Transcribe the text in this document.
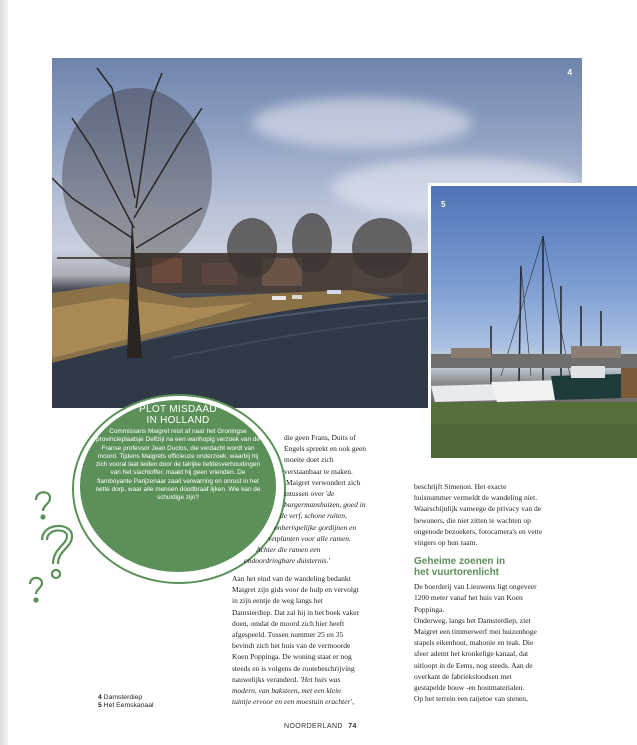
4
5
PLOT MISDAAD
IN HOLLAND
Commissaris Maigret reist af naar het Groningse provincieplaatsje Delfzijl na een wanhopig verzoek van de Franse professor Jean Duclos, die verdacht wordt van moord. Tijdens Maigrets officieuze onderzoek, waarbij hij zich vooral laat leiden door de talrijke liefdesverhoudingen van het slachtoffer, maakt hij geen vrienden. De flamboyante Parijzenaar zaait verwarring en onrust in het nette dorp, waar alle mensen doodbraaf lijken. Wie kan de schuldige zijn?

die geen Frans, Duits of

Engels spreekt en ook geen

moeite doet zich

verstaanbaar te maken.

Maigret verwondert zich

intussen over 'de

burgermanshuizen, goed in

de verf, schone ruiten,

onberispelijke gordijnen en

vetplanten voor alle ramen.

Achter die ramen een

ondoordringbare duisternis.'

Aan het eind van de wandeling bedankt

Maigret zijn gids voor de hulp en vervolgt

in zijn eentje de weg langs het

Damsterdiep. Dat zal hij in het boek vaker

doen, omdat de moord zich hier heeft

afgespeeld. Tussen nummer 25 en 35

bevindt zich het huis van de vermoorde

Koen Poppinga. De woning staat er nog

steeds en is volgens de routebeschrijving

nauwelijks veranderd. 'Het huis was

modern, van baksteen, met een klein

tuintje ervoor en een moestuin erachter',

beschrijft Simenon. Het exacte

huisnummer vermeldt de wandeling niet.

Waarschijnlijk vanwege de privacy van de

bewoners, die niet zitten te wachten op

ongenode bezoekers, fotocamera's en vette

vingers op hun raam.

Geheime zoenen in
het vuurtorenlicht

De boerderij van Lieuwens ligt ongeveer

1200 meter vanaf het huis van Koen

Poppinga.

Onderweg, langs het Damsterdiep, ziet

Maigret een timmerwerf met huizenhoge

stapels eikenhout, mahonie en teak. Die

sfeer ademt het kronkelige kanaal, dat

uitloopt in de Eems, nog steeds. Aan de

overkant de fabrieksloodsen met

gestapelde bouw -en houtmaterialen.

Op het terrein een ratjetoe van stenen,

4 Damsterdiep
5 Het Eemskanaal
NOORDERLAND 74
